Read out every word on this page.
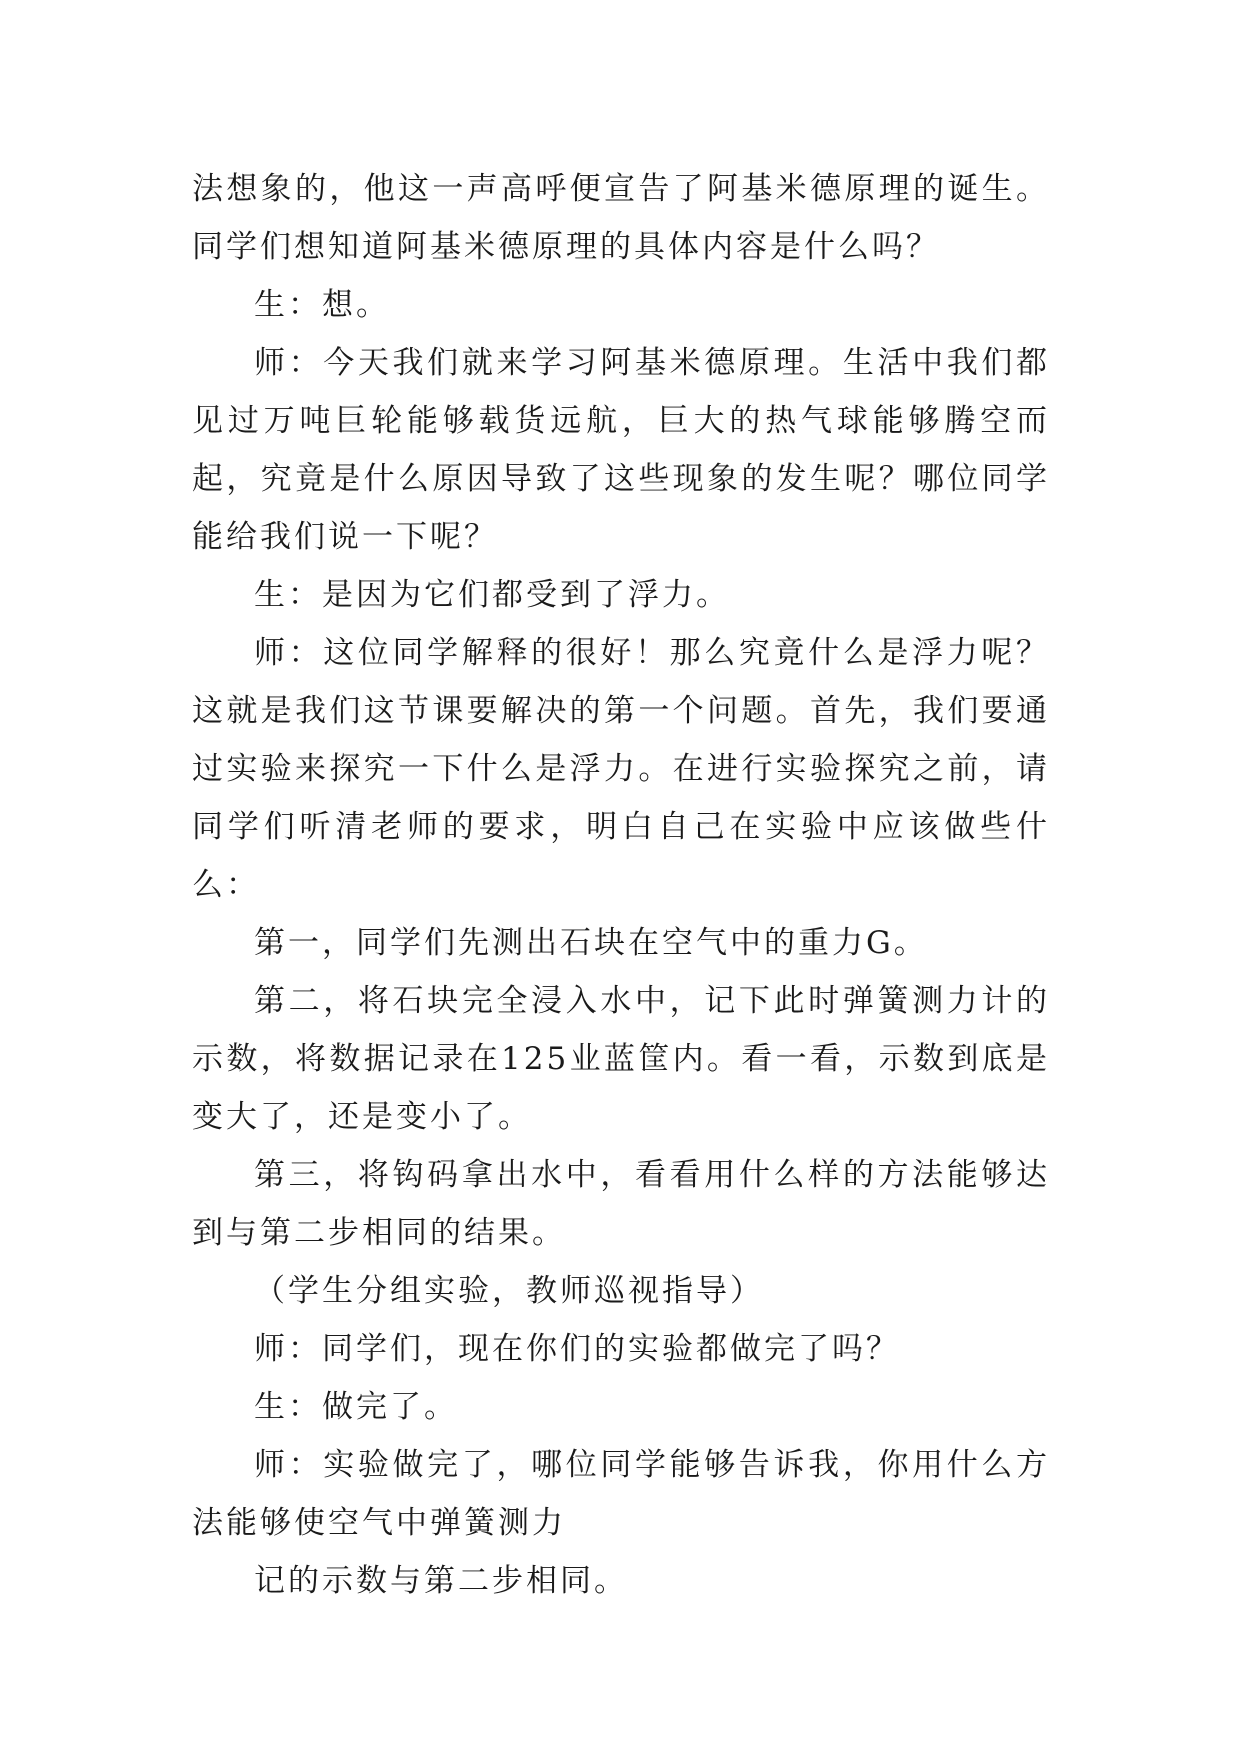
法想象的，他这一声高呼便宣告了阿基米德原理的诞生。同学们想知道阿基米德原理的具体内容是什么吗？

生：想。

师：今天我们就来学习阿基米德原理。生活中我们都见过万吨巨轮能够载货远航，巨大的热气球能够腾空而起，究竟是什么原因导致了这些现象的发生呢？哪位同学能给我们说一下呢？

生：是因为它们都受到了浮力。

师：这位同学解释的很好！那么究竟什么是浮力呢？这就是我们这节课要解决的第一个问题。首先，我们要通过实验来探究一下什么是浮力。在进行实验探究之前，请同学们听清老师的要求，明白自己在实验中应该做些什么：

第一，同学们先测出石块在空气中的重力G。

第二，将石块完全浸入水中，记下此时弹簧测力计的示数，将数据记录在125业蓝筐内。看一看，示数到底是变大了，还是变小了。

第三，将钩码拿出水中，看看用什么样的方法能够达到与第二步相同的结果。

（学生分组实验，教师巡视指导）

师：同学们，现在你们的实验都做完了吗？

生：做完了。

师：实验做完了，哪位同学能够告诉我，你用什么方法能够使空气中弹簧测力

记的示数与第二步相同。
